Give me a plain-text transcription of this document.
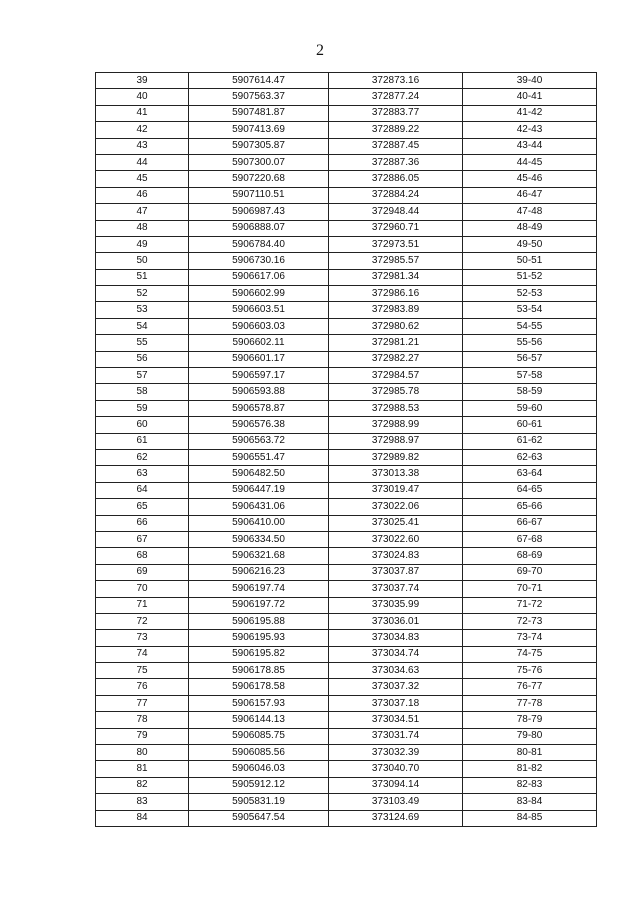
2
39	5907614.47	372873.16	39-40
40	5907563.37	372877.24	40-41
41	5907481.87	372883.77	41-42
42	5907413.69	372889.22	42-43
43	5907305.87	372887.45	43-44
44	5907300.07	372887.36	44-45
45	5907220.68	372886.05	45-46
46	5907110.51	372884.24	46-47
47	5906987.43	372948.44	47-48
48	5906888.07	372960.71	48-49
49	5906784.40	372973.51	49-50
50	5906730.16	372985.57	50-51
51	5906617.06	372981.34	51-52
52	5906602.99	372986.16	52-53
53	5906603.51	372983.89	53-54
54	5906603.03	372980.62	54-55
55	5906602.11	372981.21	55-56
56	5906601.17	372982.27	56-57
57	5906597.17	372984.57	57-58
58	5906593.88	372985.78	58-59
59	5906578.87	372988.53	59-60
60	5906576.38	372988.99	60-61
61	5906563.72	372988.97	61-62
62	5906551.47	372989.82	62-63
63	5906482.50	373013.38	63-64
64	5906447.19	373019.47	64-65
65	5906431.06	373022.06	65-66
66	5906410.00	373025.41	66-67
67	5906334.50	373022.60	67-68
68	5906321.68	373024.83	68-69
69	5906216.23	373037.87	69-70
70	5906197.74	373037.74	70-71
71	5906197.72	373035.99	71-72
72	5906195.88	373036.01	72-73
73	5906195.93	373034.83	73-74
74	5906195.82	373034.74	74-75
75	5906178.85	373034.63	75-76
76	5906178.58	373037.32	76-77
77	5906157.93	373037.18	77-78
78	5906144.13	373034.51	78-79
79	5906085.75	373031.74	79-80
80	5906085.56	373032.39	80-81
81	5906046.03	373040.70	81-82
82	5905912.12	373094.14	82-83
83	5905831.19	373103.49	83-84
84	5905647.54	373124.69	84-85
